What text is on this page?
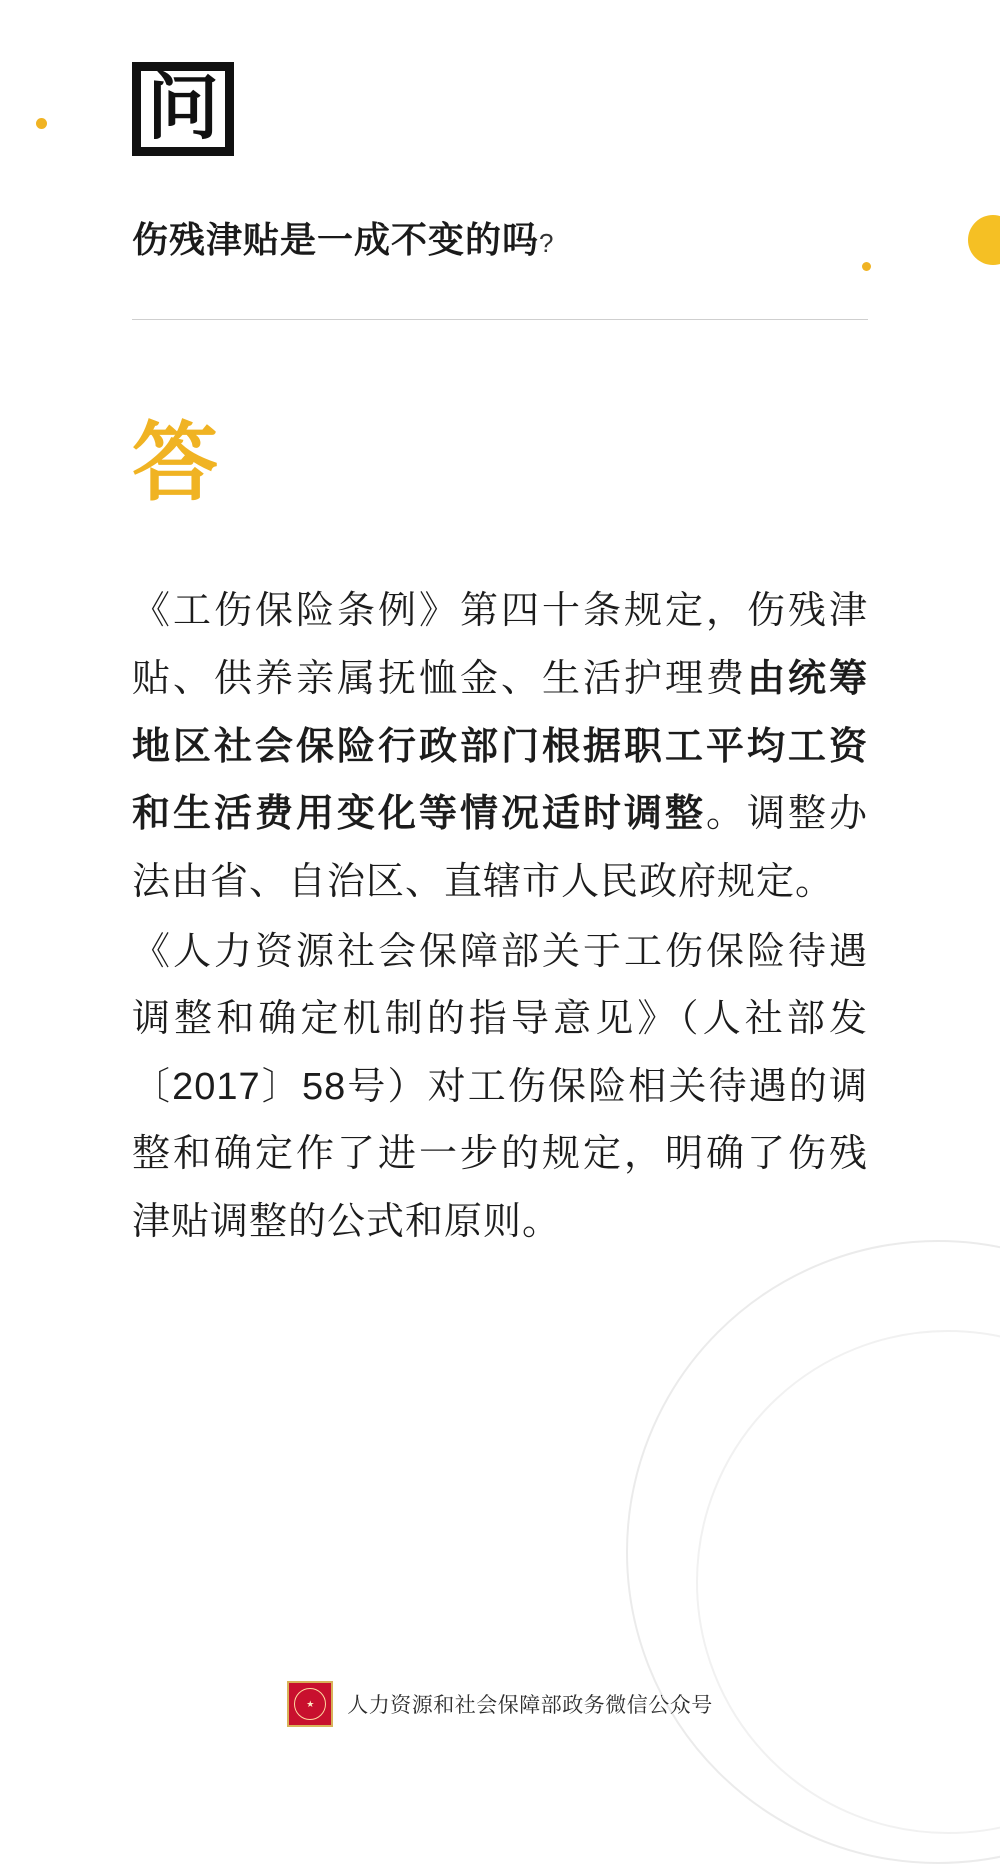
问
伤残津贴是一成不变的吗?
答

《工伤保险条例》第四十条规定，伤残津贴、供养亲属抚恤金、生活护理费由统筹地区社会保险行政部门根据职工平均工资和生活费用变化等情况适时调整。调整办法由省、自治区、直辖市人民政府规定。

《人力资源社会保障部关于工伤保险待遇调整和确定机制的指导意见》（人社部发〔2017〕58号）对工伤保险相关待遇的调整和确定作了进一步的规定，明确了伤残津贴调整的公式和原则。

★	人力资源和社会保障部政务微信公众号
